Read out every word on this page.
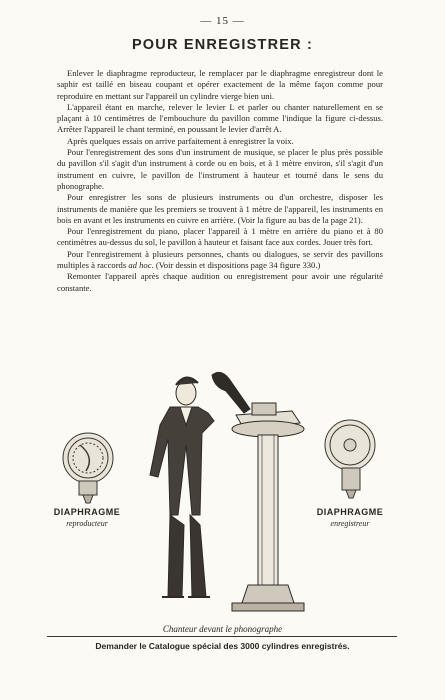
— 15 —
POUR ENREGISTRER :

Enlever le diaphragme reproducteur, le remplacer par le diaphragme enregistreur dont le saphir est taillé en biseau coupant et opérer exactement de la même façon comme pour reproduire en mettant sur l'appareil un cylindre vierge bien uni.

L'appareil étant en marche, relever le levier L et parler ou chanter naturellement en se plaçant à 10 centimètres de l'embouchure du pavillon comme l'indique la figure ci-dessus. Arrêter l'appareil le chant terminé, en poussant le levier d'arrêt A.

Après quelques essais on arrive parfaitement à enregistrer la voix.

Pour l'enregistrement des sons d'un instrument de musique, se placer le plus près possible du pavillon s'il s'agit d'un instrument à corde ou en bois, et à 1 mètre environ, s'il s'agit d'un instrument en cuivre, le pavillon de l'instrument à hauteur et tourné dans le sens du phonographe.

Pour enregistrer les sons de plusieurs instruments ou d'un orchestre, disposer les instruments de manière que les premiers se trouvent à 1 mètre de l'appareil, les instruments en bois en avant et les instruments en cuivre en arrière. (Voir la figure au bas de la page 21).

Pour l'enregistrement du piano, placer l'appareil à 1 mètre en arrière du piano et à 80 centimètres au-dessus du sol, le pavillon à hauteur et faisant face aux cordes. Jouer très fort.

Pour l'enregistrement à plusieurs personnes, chants ou dialogues, se servir des pavillons multiples à raccords ad hoc. (Voir dessin et dispositions page 34 figure 330.)

Remonter l'appareil après chaque audition ou enregistrement pour avoir une régularité constante.

DIAPHRAGME
reproducteur
DIAPHRAGME
enregistreur
Chanteur devant le phonographe
Demander le Catalogue spécial des 3000 cylindres enregistrés.
